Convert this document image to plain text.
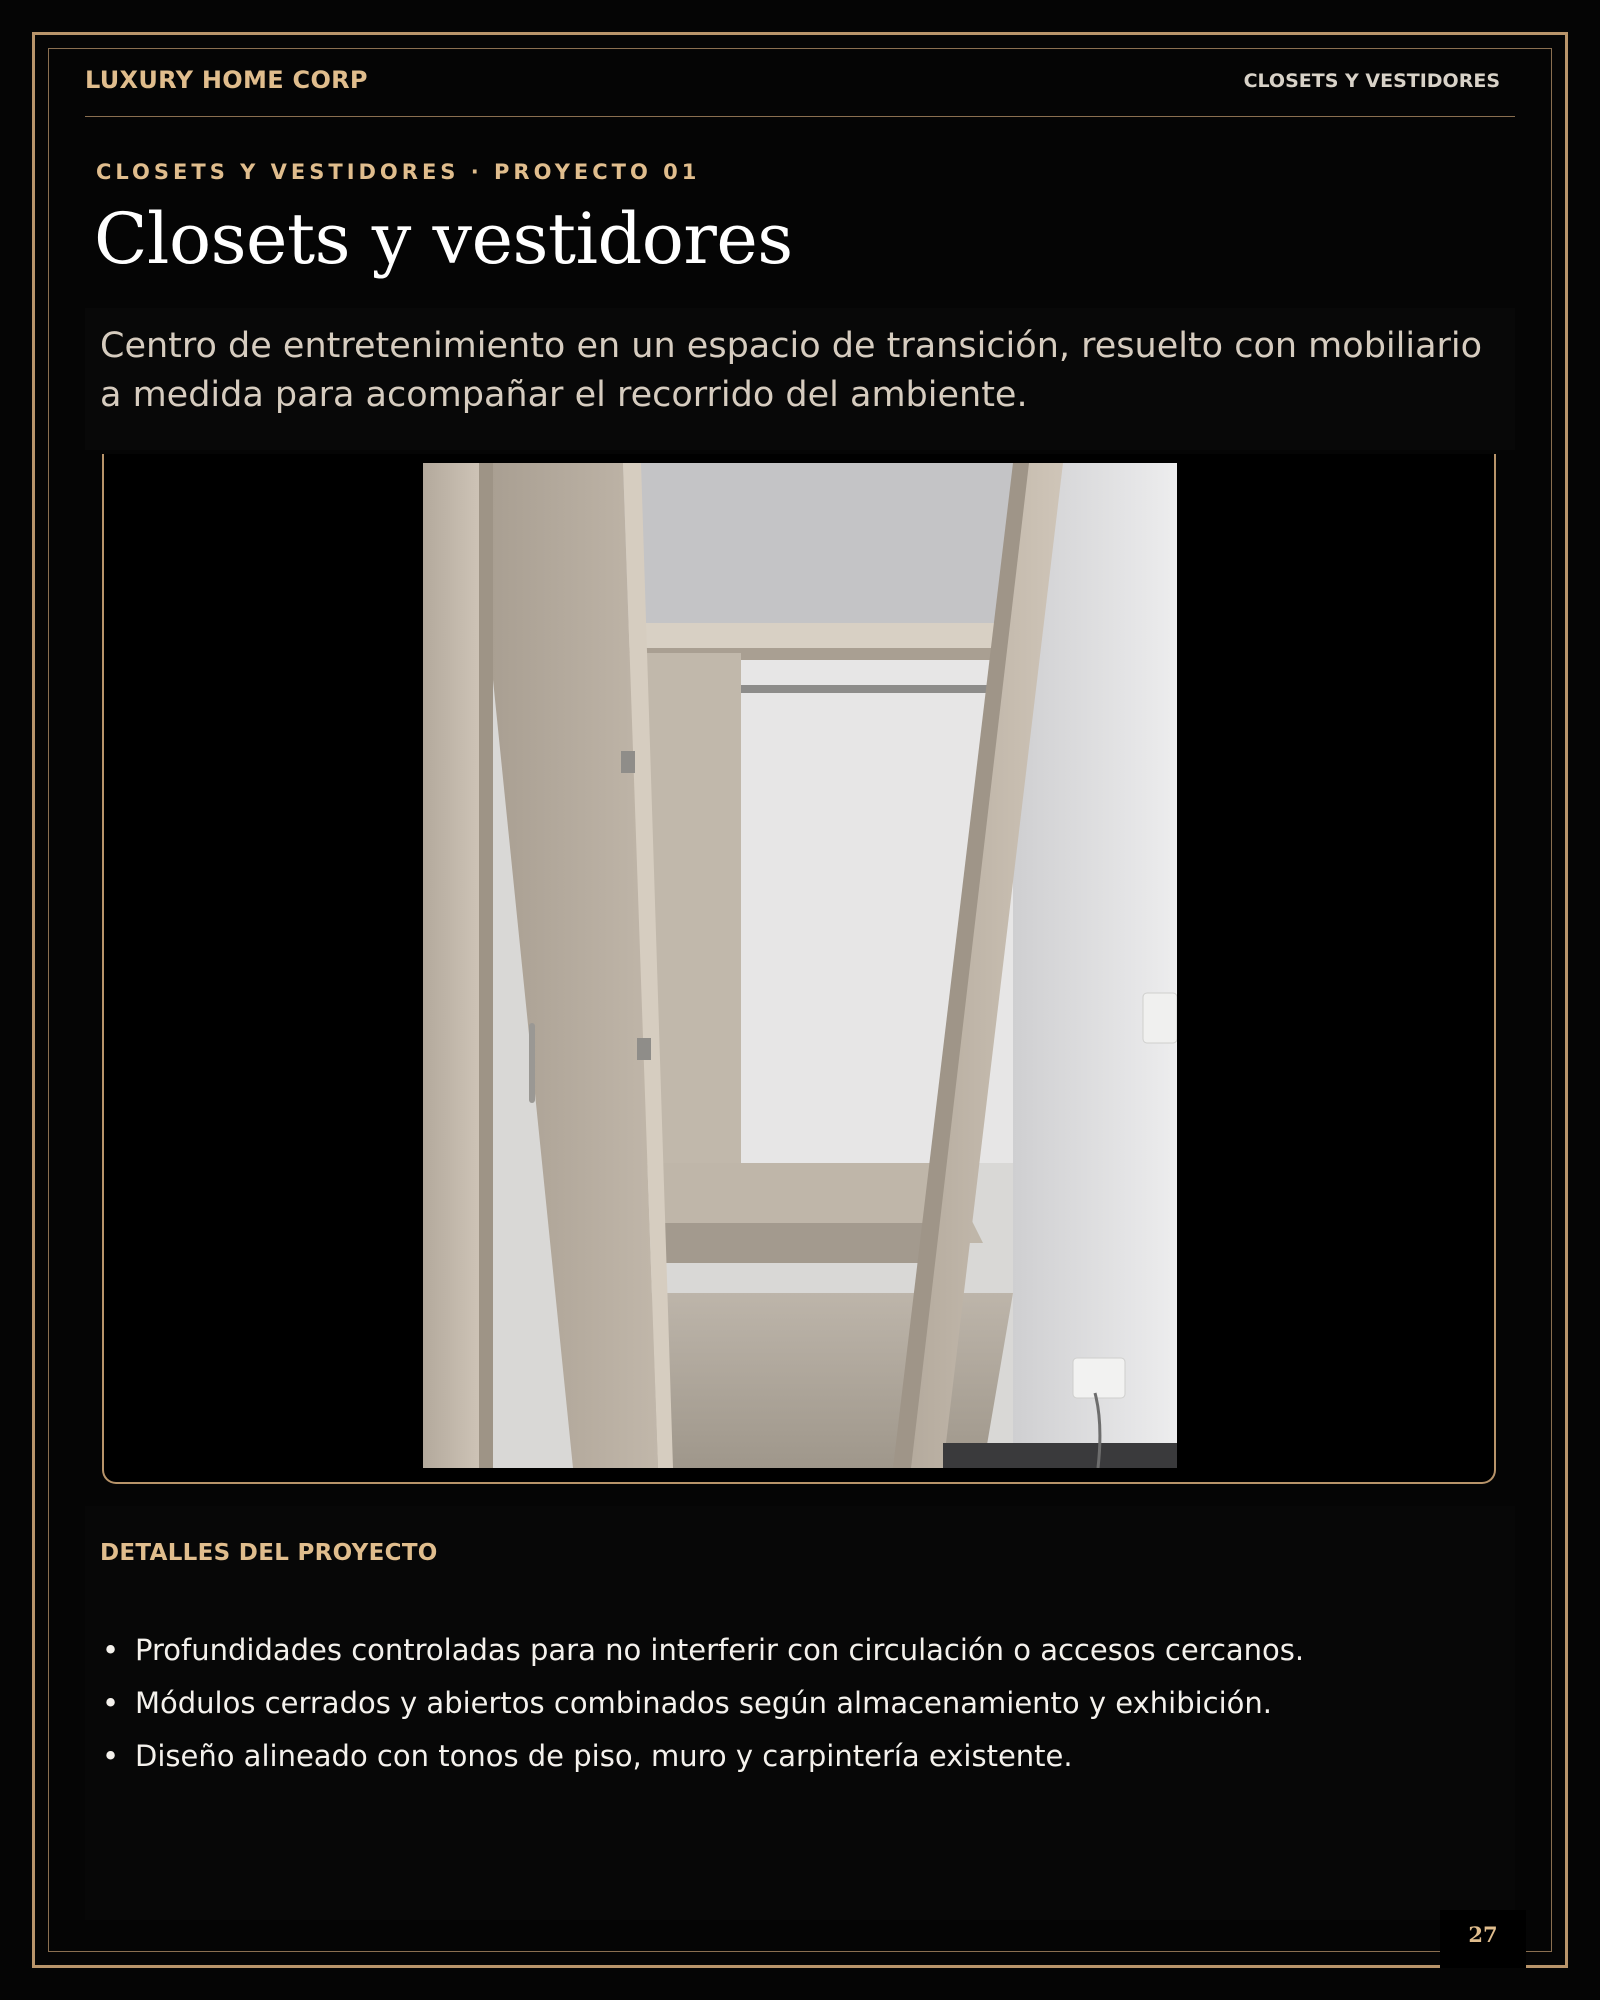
LUXURY HOME CORP	CLOSETS Y VESTIDORES
CLOSETS Y VESTIDORES · PROYECTO 01
Closets y vestidores

Centro de entretenimiento en un espacio de transición, resuelto con mobiliario a medida para acompañar el recorrido del ambiente.

DETALLES DEL PROYECTO
• Profundidades controladas para no interferir con circulación o accesos cercanos.
• Módulos cerrados y abiertos combinados según almacenamiento y exhibición.
• Diseño alineado con tonos de piso, muro y carpintería existente.
27
